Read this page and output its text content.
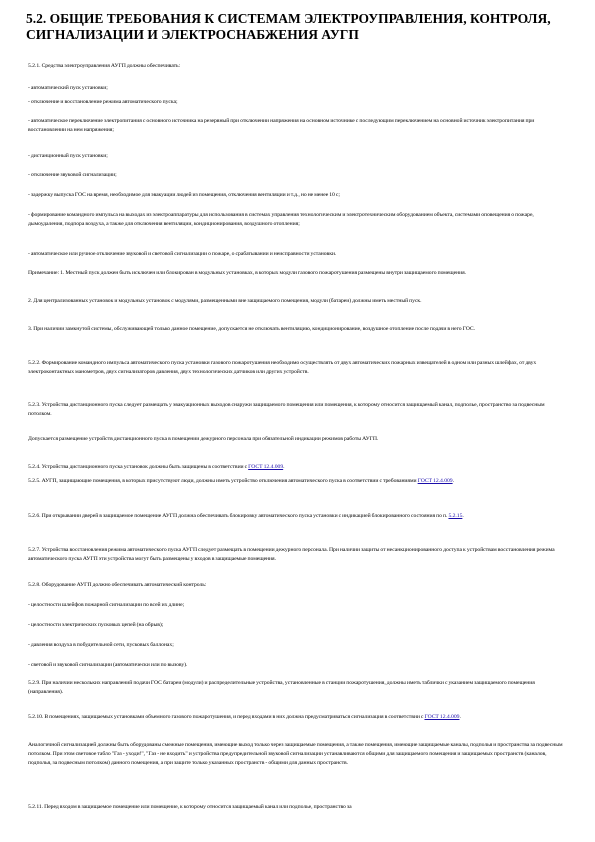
5.2. ОБЩИЕ ТРЕБОВАНИЯ К СИСТЕМАМ ЭЛЕКТРОУПРАВЛЕНИЯ, КОНТРОЛЯ, СИГНАЛИЗАЦИИ И ЭЛЕКТРОСНАБЖЕНИЯ АУГП

5.2.1. Средства электроуправления АУГП должны обеспечивать:

- автоматический пуск установки;

- отключение и восстановление режима автоматического пуска;

- автоматическое переключение электропитания с основного источника на резервный при отключении напряжения на основном источнике с последующим переключением на основной источник электропитания при восстановлении на нем напряжения;

- дистанционный пуск установки;

- отключение звуковой сигнализации;

- задержку выпуска ГОС на время, необходимое для эвакуации людей из помещения, отключения вентиляции и т.д., но не менее 10 с;

- формирование командного импульса на выходах из электроаппаратуры для использования в системах управления технологическим и электротехническим оборудованием объекта, системами оповещения о пожаре, дымоудаления, подпора воздуха, а также для отключения вентиляции, кондиционирования, воздушного отопления;

- автоматическое или ручное отключение звуковой и световой сигнализации о пожаре, о срабатывании и неисправности установки.

Примечание: 1. Местный пуск должен быть исключен или блокирован в модульных установках, в которых модули газового пожаротушения размещены внутри защищаемого помещения.

2. Для централизованных установок и модульных установок с модулями, размещенными вне защищаемого помещения, модули (батареи) должны иметь местный пуск.

3. При наличии замкнутой системы, обслуживающей только данное помещение, допускается не отключать вентиляцию, кондиционирование, воздушное отопление после подачи в него ГОС.

5.2.2. Формирование командного импульса автоматического пуска установки газового пожаротушения необходимо осуществлять от двух автоматических пожарных извещателей в одном или разных шлейфах, от двух электроконтактных манометров, двух сигнализаторов давления, двух технологических датчиков или других устройств.

5.2.3. Устройства дистанционного пуска следует размещать у эвакуационных выходов снаружи защищаемого помещения или помещения, к которому относится защищаемый канал, подполье, пространство за подвесным потолком.

Допускается размещение устройств дистанционного пуска в помещении дежурного персонала при обязательной индикации режимов работы АУГП.

5.2.4. Устройства дистанционного пуска установок должны быть защищены в соответствии с ГОСТ 12.4.009.

5.2.5. АУГП, защищающие помещения, в которых присутствуют люди, должны иметь устройство отключения автоматического пуска в соответствии с требованиями ГОСТ 12.4.009.

5.2.6. При открывании дверей в защищаемое помещение АУГП должна обеспечивать блокировку автоматического пуска установки с индикацией блокированного состояния по п. 5.2.15.

5.2.7. Устройства восстановления режима автоматического пуска АУГП следует размещать в помещении дежурного персонала. При наличии защиты от несанкционированного доступа к устройствам восстановления режима автоматического пуска АУГП эти устройства могут быть размещены у входов в защищаемые помещения.

5.2.8. Оборудование АУГП должно обеспечивать автоматический контроль:

- целостности шлейфов пожарной сигнализации по всей их длине;

- целостности электрических пусковых цепей (на обрыв);

- давления воздуха в побудительной сети, пусковых баллонах;

- световой и звуковой сигнализации (автоматически или по вызову).

5.2.9. При наличии нескольких направлений подачи ГОС батареи (модули) и распределительные устройства, установленные в станции пожаротушения, должны иметь таблички с указанием защищаемого помещения (направления).

5.2.10. В помещениях, защищаемых установками объемного газового пожаротушения, и перед входами в них должна предусматриваться сигнализация в соответствии с ГОСТ 12.4.009.

Аналогичной сигнализацией должны быть оборудованы смежные помещения, имеющие выход только через защищаемые помещения, а также помещения, имеющие защищаемые каналы, подполья и пространства за подвесным потолком. При этом световое табло "Газ - уходи!", "Газ - не входить" и устройства предупредительной звуковой сигнализации устанавливаются общими для защищаемого помещения и защищаемых пространств (каналов, подполья, за подвесным потолком) данного помещения, а при защите только указанных пространств - общими для данных пространств.

5.2.11. Перед входом в защищаемое помещение или помещение, к которому относится защищаемый канал или подполье, пространство за
